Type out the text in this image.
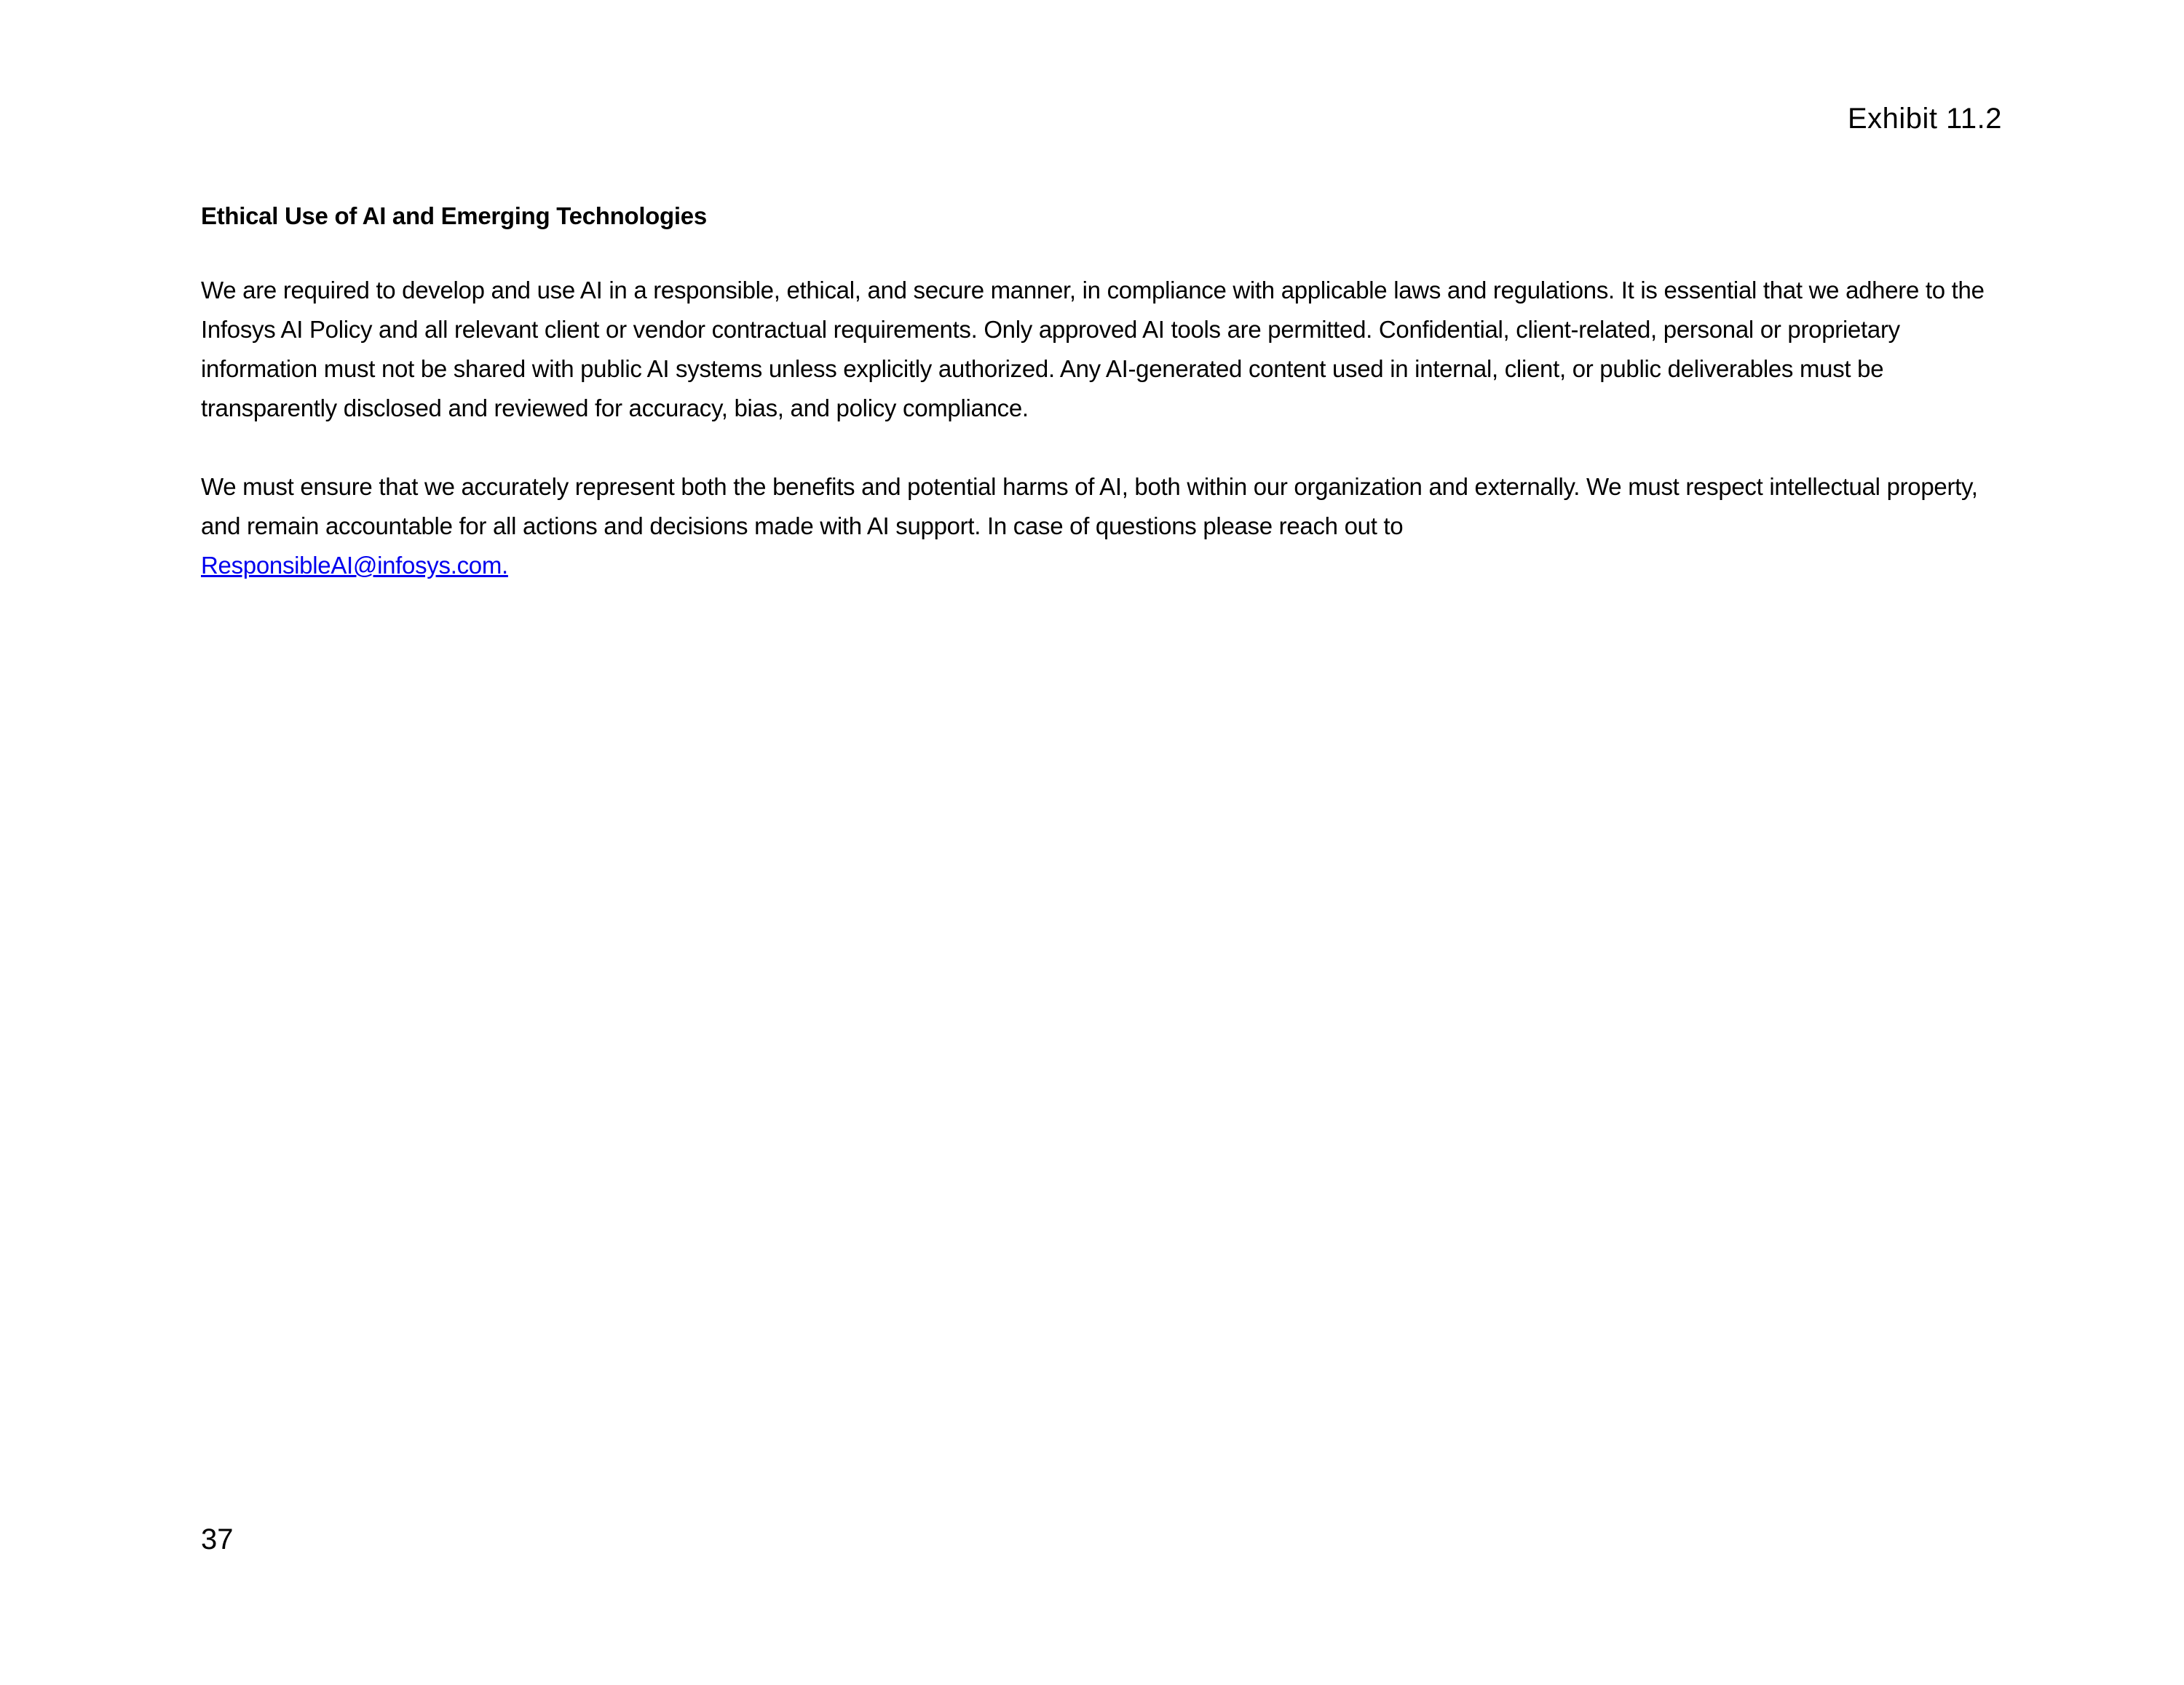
Exhibit 11.2
Ethical Use of AI and Emerging Technologies

We are required to develop and use AI in a responsible, ethical, and secure manner, in compliance with applicable laws and regulations. It is essential that we adhere to the Infosys AI Policy and all relevant client or vendor contractual requirements. Only approved AI tools are permitted. Confidential, client-related, personal or proprietary information must not be shared with public AI systems unless explicitly authorized. Any AI-generated content used in internal, client, or public deliverables must be transparently disclosed and reviewed for accuracy, bias, and policy compliance.

We must ensure that we accurately represent both the benefits and potential harms of AI, both within our organization and externally. We must respect intellectual property, and remain accountable for all actions and decisions made with AI support. In case of questions please reach out to
ResponsibleAI@infosys.com.

37
